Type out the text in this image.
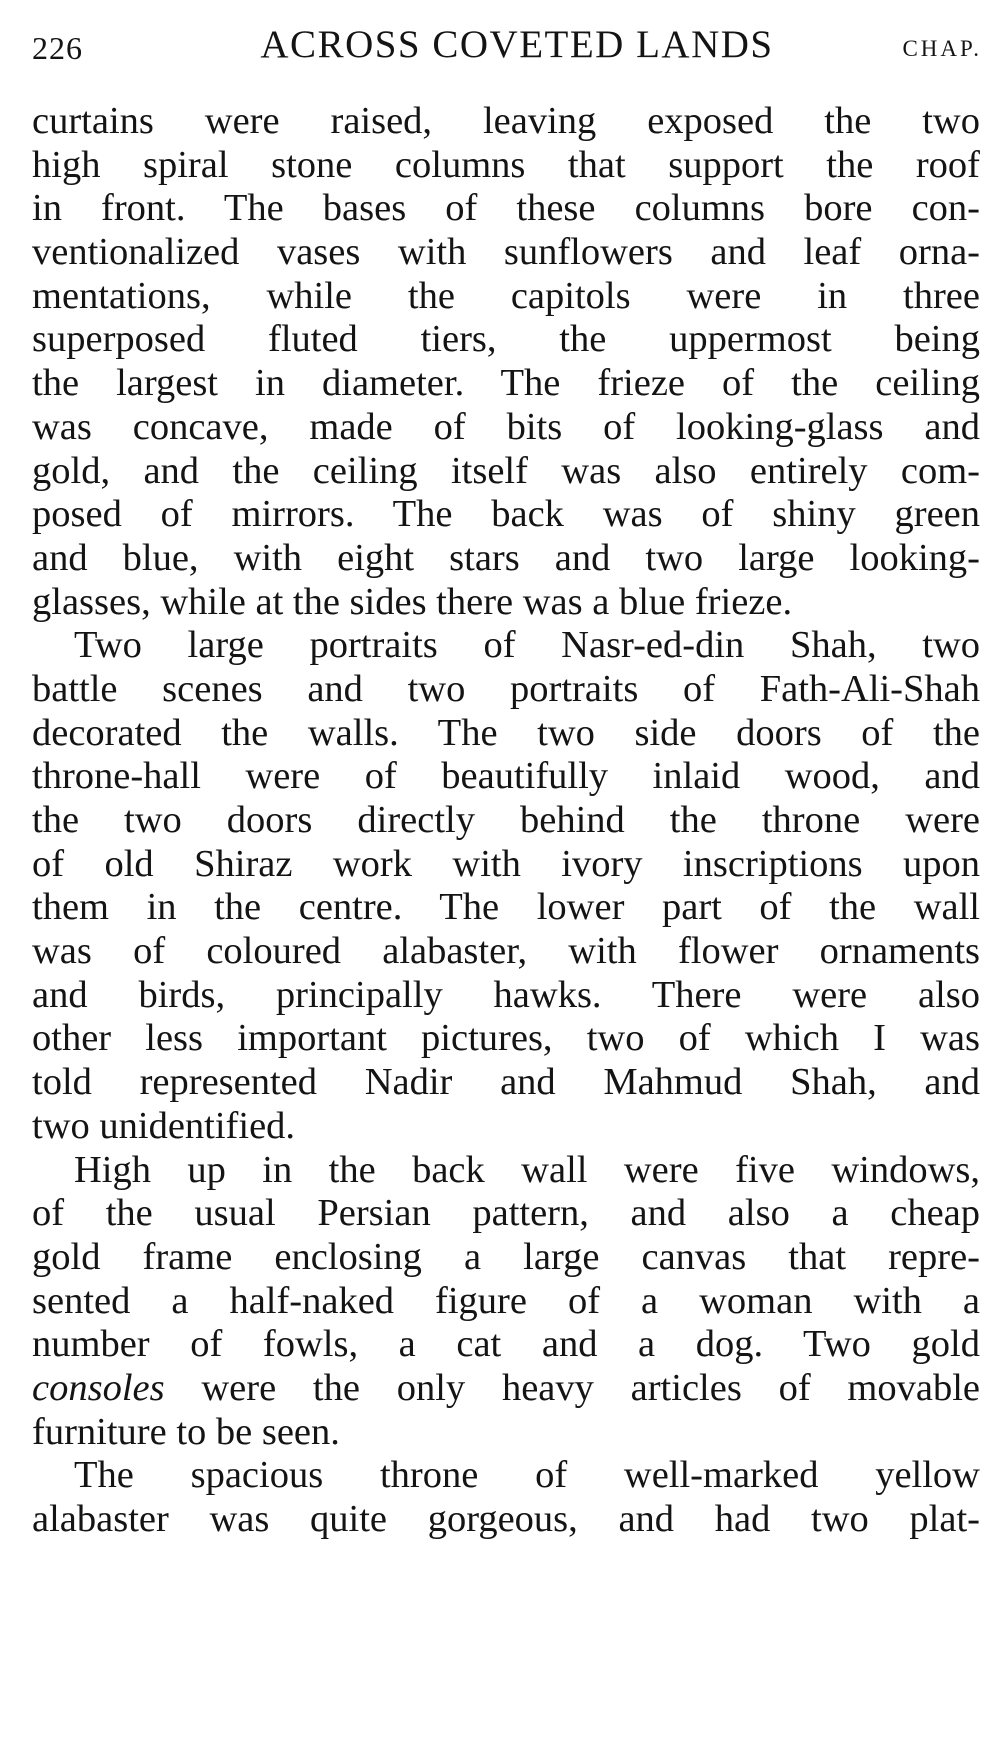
226	ACROSS COVETED LANDS	CHAP.
curtains were raised, leaving exposed the two
high spiral stone columns that support the roof
in front. The bases of these columns bore con-
ventionalized vases with sunflowers and leaf orna-
mentations, while the capitols were in three
superposed fluted tiers, the uppermost being
the largest in diameter. The frieze of the ceiling
was concave, made of bits of looking-glass and
gold, and the ceiling itself was also entirely com-
posed of mirrors. The back was of shiny green
and blue, with eight stars and two large looking-
glasses, while at the sides there was a blue frieze.
Two large portraits of Nasr-ed-din Shah, two
battle scenes and two portraits of Fath-Ali-Shah
decorated the walls. The two side doors of the
throne-hall were of beautifully inlaid wood, and
the two doors directly behind the throne were
of old Shiraz work with ivory inscriptions upon
them in the centre. The lower part of the wall
was of coloured alabaster, with flower ornaments
and birds, principally hawks. There were also
other less important pictures, two of which I was
told represented Nadir and Mahmud Shah, and
two unidentified.
High up in the back wall were five windows,
of the usual Persian pattern, and also a cheap
gold frame enclosing a large canvas that repre-
sented a half-naked figure of a woman with a
number of fowls, a cat and a dog. Two gold
consoles were the only heavy articles of movable
furniture to be seen.
The spacious throne of well-marked yellow
alabaster was quite gorgeous, and had two plat-
